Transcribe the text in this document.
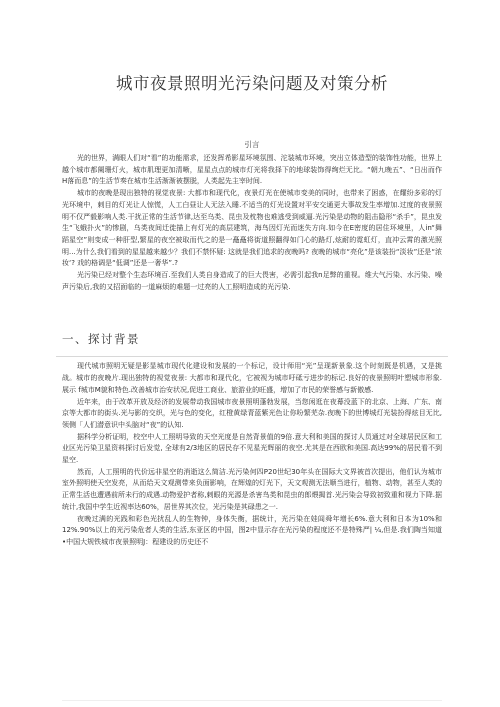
城市夜景照明光污染问题及对策分析
引言

光的世界，满眼人们对“看”的功能需求，还发挥希影星环境氛围、沱装城市环境，突出立体造型的装饰性功能，世界上越个城市都阑珊灯火，城市肌理更加清晰，星星点点的城市灯光将我择下的地球装饰得绚烂无比。“朝九晚五”、“日出而作H落而息”的生活节奏在城市生活渐渐被摆脱，人类起先主宰时间.

城市的夜晚是现出独特的视觉夜景: 大都市和现代化，夜景灯光在使城市变美的同时，也带来了困惑，在耀纷多彩的灯光环境中，刺目的灯光让人惊慌，人工白昼让人无法入睡.不适当的灯光设置对平安交通更大事故发生率增加.过度的夜景照明不仅严毅影响人类.干扰正常的生活节律,达至乌类、昆虫及枕物也难逃受到威逼.光污染是动物的阻击隐形“杀手”，昆虫发生“飞蛾扑火”的惨剧，乌类夜间迁徙描上有灯光的高层建筑，海鸟因灯光而迷失方向.如今在E密度的居住环境里，人in“舞蹈星空”则变成一种肝型,繁星的夜空被取而代之的是一矗矗将街道照翻得如门心的路灯,炫耐的霓虹灯，直冲云霄的激光照明...为什么我们看到的星星越来越少？我们不禁怀疑: 这就是我们追求的夜晚吗? 夜晚的城市“亮化”是该装扮“淡妆”还是“浓妆‘? 戏的格调是“低调”还是一奢华”.?

光污染已经对整个生态环境百.至我们人类自身造成了的巨大畏害，必需引起我n足弊的重视。维大气污染、水污染、噪声污染后,我的又招面临的一道麻烦的难题一过亮的人工照明造成的光污染.

一、探讨背景

现代城市照明无疑是影显城市现代化建设和发展的一个标记，设计师用“光”呈现新景象.这个时刻既是机遇，又是挑战。城市的夜晚片.现出独特的视觉夜景: 大都市和现代化，它被视为城市吁砥亏进步的标记.良好的夜景照明叶塑城市形象.展示 f城市M貌和特色.改善城市治安状况,促进工商业、旅游业的旺盛，增加了市民的荣誉感与新傲感.

近年来，由于改革开放及经济的发展带动我国城市夜景照明蓬勃发展，当您闲逛在夜幕没蓝下的北京、上海、广东、南京等大都市的街头.光与影的交织，光与色的变化，红橙黄绿青蓝紫光色让你吩繁芜杂.夜晚下的世博城灯光装扮得炫目无比,领侧「人们潜意识中头脑对“夜”的认知.

据科学分析证明，校空中人工照明导致的天空光度是自然背景值的9倍.意大利和美国的探讨人员通过对全球居民区和工业区光污染卫星资料探讨后发觉, 全球有2/3地区的居民存不见星光辉丽的夜空.尤其是在西欧和美国.高达99%的居民看不到星空.

然而，人工照明的代价远非星空的消逝这么简洁.光污染何四P20世纪30年头在国际大文界被首次提出，他们认为城市室外照明使天空发亮，从而给天文观测带来负面影响，在辉煌的灯光下，天文观测无法顺当进行，植物、动物，甚至人类的正常生活也遭遇前所未行的成遇.动物爱护者称,刺眼的光源是杀害鸟类和昆虫的郎煨揭首.光污染会导致初致重和视力下降.据统计,我国中学生近视率达60%，居世界其次位，光污染是其碌患之一.

夜晚过满的光践和彩色光扰乱人的生物钟，身体失衡，据统计，光污染在娃闾舜年增长6%.意大利和日本为10%和12%.90%以上的光污染危者人类的生活,东亚区的中国，图2中显示存在光污染的程度还不是特殊严| ¼,但是.我们陶当知道•中国大规铁城市夜景照明J：程建设的历史还不
